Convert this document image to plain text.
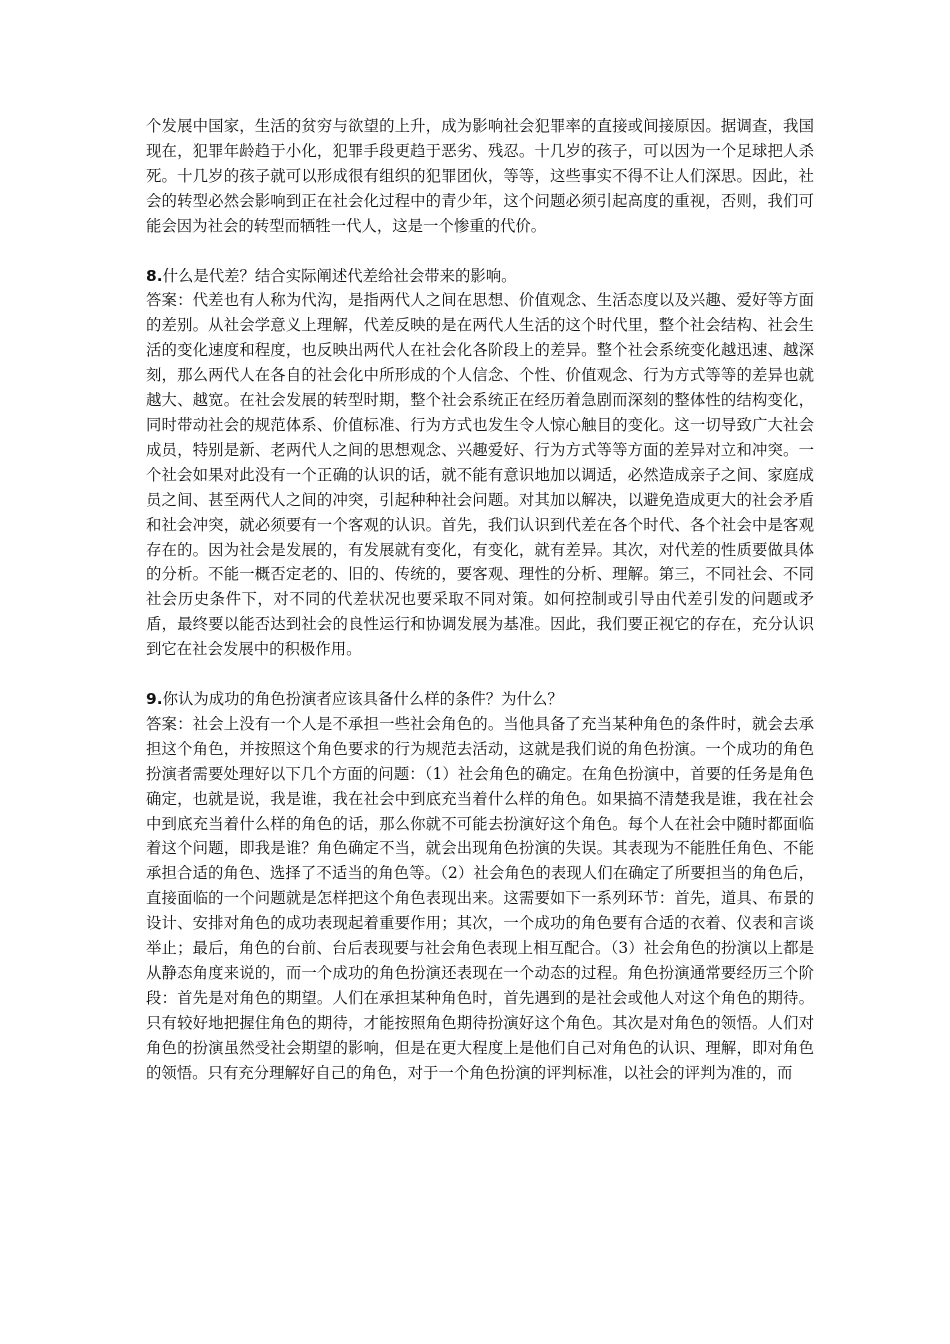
个发展中国家，生活的贫穷与欲望的上升，成为影响社会犯罪率的直接或间接原因。据调查，我国现在，犯罪年龄趋于小化，犯罪手段更趋于恶劣、残忍。十几岁的孩子，可以因为一个足球把人杀死。十几岁的孩子就可以形成很有组织的犯罪团伙，等等，这些事实不得不让人们深思。因此，社会的转型必然会影响到正在社会化过程中的青少年，这个问题必须引起高度的重视，否则，我们可能会因为社会的转型而牺牲一代人，这是一个惨重的代价。

8.什么是代差？结合实际阐述代差给社会带来的影响。

答案：代差也有人称为代沟，是指两代人之间在思想、价值观念、生活态度以及兴趣、爱好等方面的差别。从社会学意义上理解，代差反映的是在两代人生活的这个时代里，整个社会结构、社会生活的变化速度和程度，也反映出两代人在社会化各阶段上的差异。整个社会系统变化越迅速、越深刻，那么两代人在各自的社会化中所形成的个人信念、个性、价值观念、行为方式等等的差异也就越大、越宽。在社会发展的转型时期，整个社会系统正在经历着急剧而深刻的整体性的结构变化，同时带动社会的规范体系、价值标准、行为方式也发生令人惊心触目的变化。这一切导致广大社会成员，特别是新、老两代人之间的思想观念、兴趣爱好、行为方式等等方面的差异对立和冲突。一个社会如果对此没有一个正确的认识的话，就不能有意识地加以调适，必然造成亲子之间、家庭成员之间、甚至两代人之间的冲突，引起种种社会问题。对其加以解决，以避免造成更大的社会矛盾和社会冲突，就必须要有一个客观的认识。首先，我们认识到代差在各个时代、各个社会中是客观存在的。因为社会是发展的，有发展就有变化，有变化，就有差异。其次，对代差的性质要做具体的分析。不能一概否定老的、旧的、传统的，要客观、理性的分析、理解。第三，不同社会、不同社会历史条件下，对不同的代差状况也要采取不同对策。如何控制或引导由代差引发的问题或矛盾，最终要以能否达到社会的良性运行和协调发展为基准。因此，我们要正视它的存在，充分认识到它在社会发展中的积极作用。

9.你认为成功的角色扮演者应该具备什么样的条件？为什么？

答案：社会上没有一个人是不承担一些社会角色的。当他具备了充当某种角色的条件时，就会去承担这个角色，并按照这个角色要求的行为规范去活动，这就是我们说的角色扮演。一个成功的角色扮演者需要处理好以下几个方面的问题：（1）社会角色的确定。在角色扮演中，首要的任务是角色确定，也就是说，我是谁，我在社会中到底充当着什么样的角色。如果搞不清楚我是谁，我在社会中到底充当着什么样的角色的话，那么你就不可能去扮演好这个角色。每个人在社会中随时都面临着这个问题，即我是谁？角色确定不当，就会出现角色扮演的失误。其表现为不能胜任角色、不能承担合适的角色、选择了不适当的角色等。（2）社会角色的表现人们在确定了所要担当的角色后，直接面临的一个问题就是怎样把这个角色表现出来。这需要如下一系列环节：首先，道具、布景的设计、安排对角色的成功表现起着重要作用；其次，一个成功的角色要有合适的衣着、仪表和言谈举止；最后，角色的台前、台后表现要与社会角色表现上相互配合。（3）社会角色的扮演以上都是从静态角度来说的，而一个成功的角色扮演还表现在一个动态的过程。角色扮演通常要经历三个阶段：首先是对角色的期望。人们在承担某种角色时，首先遇到的是社会或他人对这个角色的期待。只有较好地把握住角色的期待，才能按照角色期待扮演好这个角色。其次是对角色的领悟。人们对角色的扮演虽然受社会期望的影响，但是在更大程度上是他们自己对角色的认识、理解，即对角色的领悟。只有充分理解好自己的角色，对于一个角色扮演的评判标准，以社会的评判为准的，而
